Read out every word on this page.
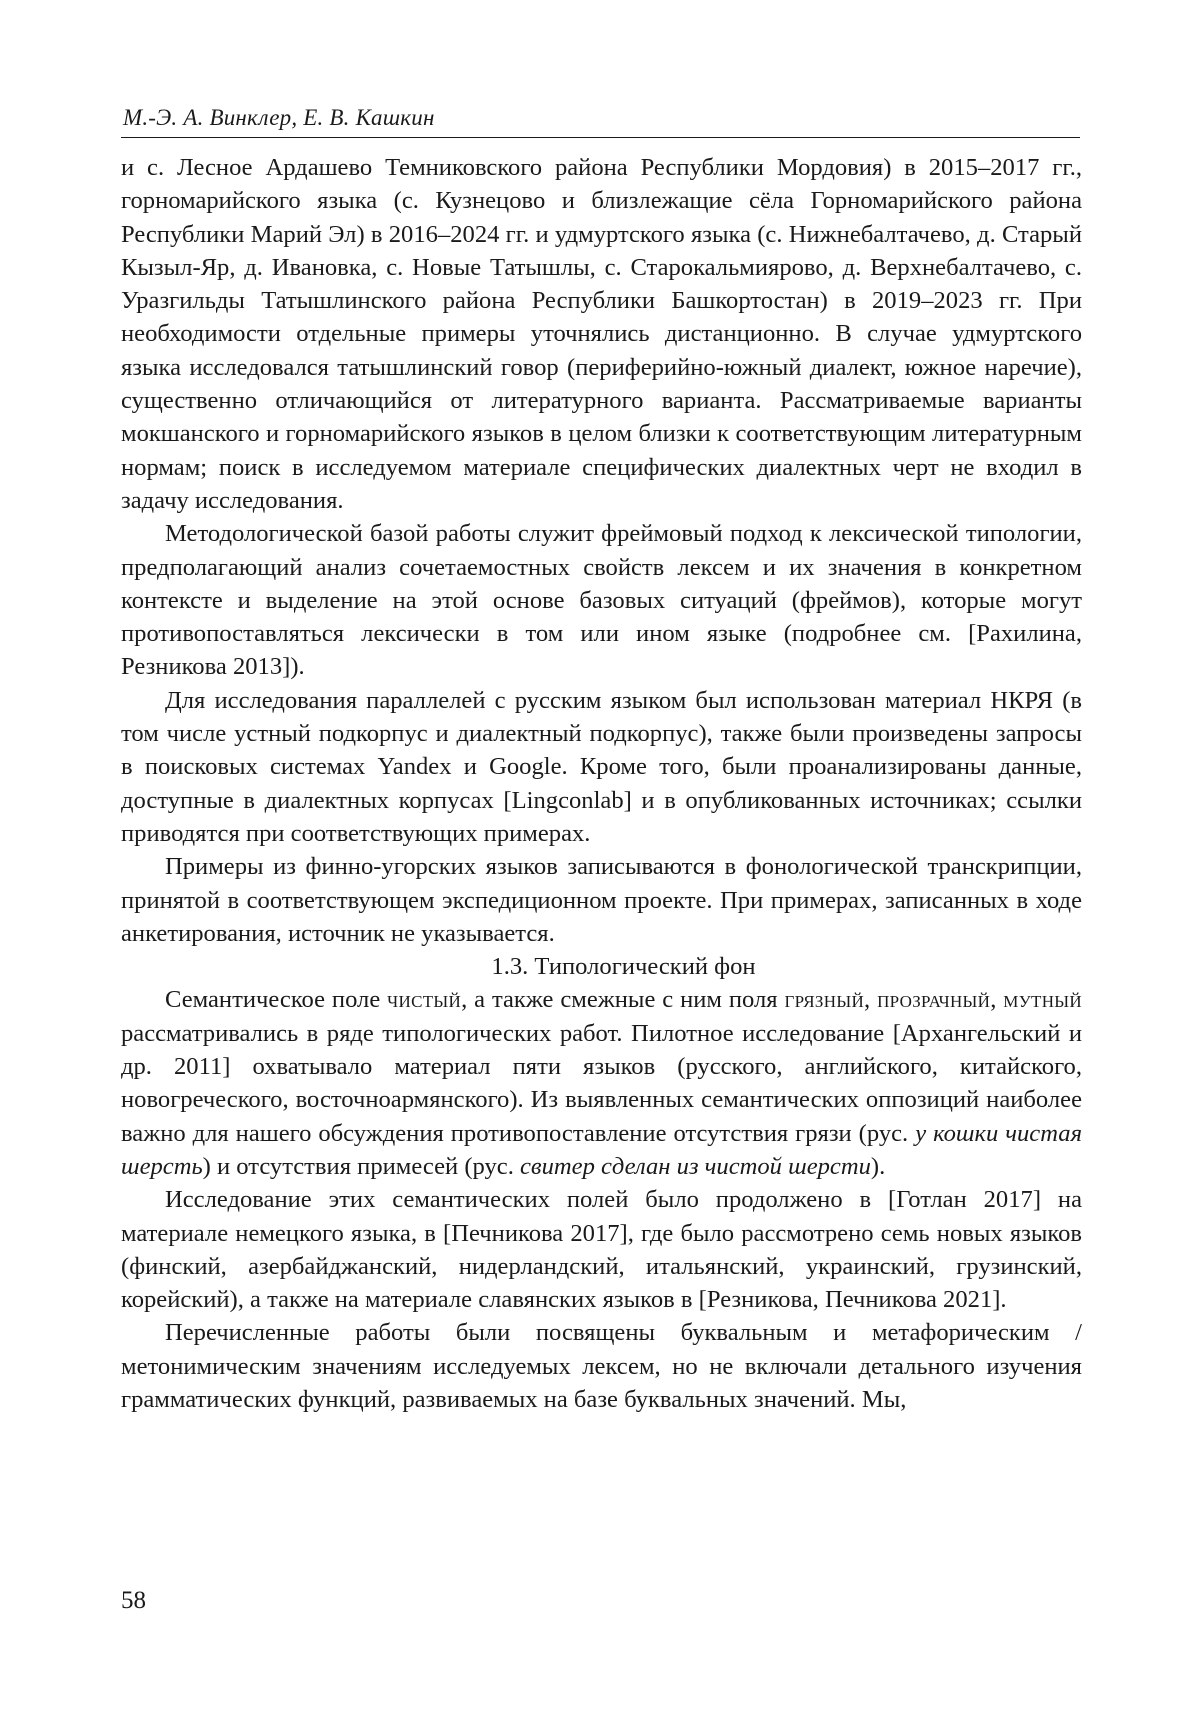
М.-Э. А. Винклер, Е. В. Кашкин

и с. Лесное Ардашево Темниковского района Республики Мордовия) в 2015–2017 гг., горномарийского языка (с. Кузнецово и близлежащие сёла Горномарийского района Республики Марий Эл) в 2016–2024 гг. и удмуртского языка (с. Нижнебалтачево, д. Старый Кызыл-Яр, д. Ивановка, с. Новые Татышлы, с. Старокальмиярово, д. Верхнебалтачево, с. Уразгильды Татышлинского района Республики Башкортостан) в 2019–2023 гг. При необходимости отдельные примеры уточнялись дистанционно. В случае удмуртского языка исследовался татышлинский говор (периферийно-южный диалект, южное наречие), существенно отличающийся от литературного варианта. Рассматриваемые варианты мокшанского и горномарийского языков в целом близки к соответствующим литературным нормам; поиск в исследуемом материале специфических диалектных черт не входил в задачу исследования.

Методологической базой работы служит фреймовый подход к лексической типологии, предполагающий анализ сочетаемостных свойств лексем и их значения в конкретном контексте и выделение на этой основе базовых ситуаций (фреймов), которые могут противопоставляться лексически в том или ином языке (подробнее см. [Рахилина, Резникова 2013]).

Для исследования параллелей с русским языком был использован материал НКРЯ (в том числе устный подкорпус и диалектный подкорпус), также были произведены запросы в поисковых системах Yandex и Google. Кроме того, были проанализированы данные, доступные в диалектных корпусах [Lingconlab] и в опубликованных источниках; ссылки приводятся при соответствующих примерах.

Примеры из финно-угорских языков записываются в фонологической транскрипции, принятой в соответствующем экспедиционном проекте. При примерах, записанных в ходе анкетирования, источник не указывается.

1.3. Типологический фон

Семантическое поле чистый, а также смежные с ним поля грязный, прозрачный, мутный рассматривались в ряде типологических работ. Пилотное исследование [Архангельский и др. 2011] охватывало материал пяти языков (русского, английского, китайского, новогреческого, восточноармянского). Из выявленных семантических оппозиций наиболее важно для нашего обсуждения противопоставление отсутствия грязи (рус. у кошки чистая шерсть) и отсутствия примесей (рус. свитер сделан из чистой шерсти).

Исследование этих семантических полей было продолжено в [Готлан 2017] на материале немецкого языка, в [Печникова 2017], где было рассмотрено семь новых языков (финский, азербайджанский, нидерландский, итальянский, украинский, грузинский, корейский), а также на материале славянских языков в [Резникова, Печникова 2021].

Перечисленные работы были посвящены буквальным и метафорическим / метонимическим значениям исследуемых лексем, но не включали детального изучения грамматических функций, развиваемых на базе буквальных значений. Мы,

58
